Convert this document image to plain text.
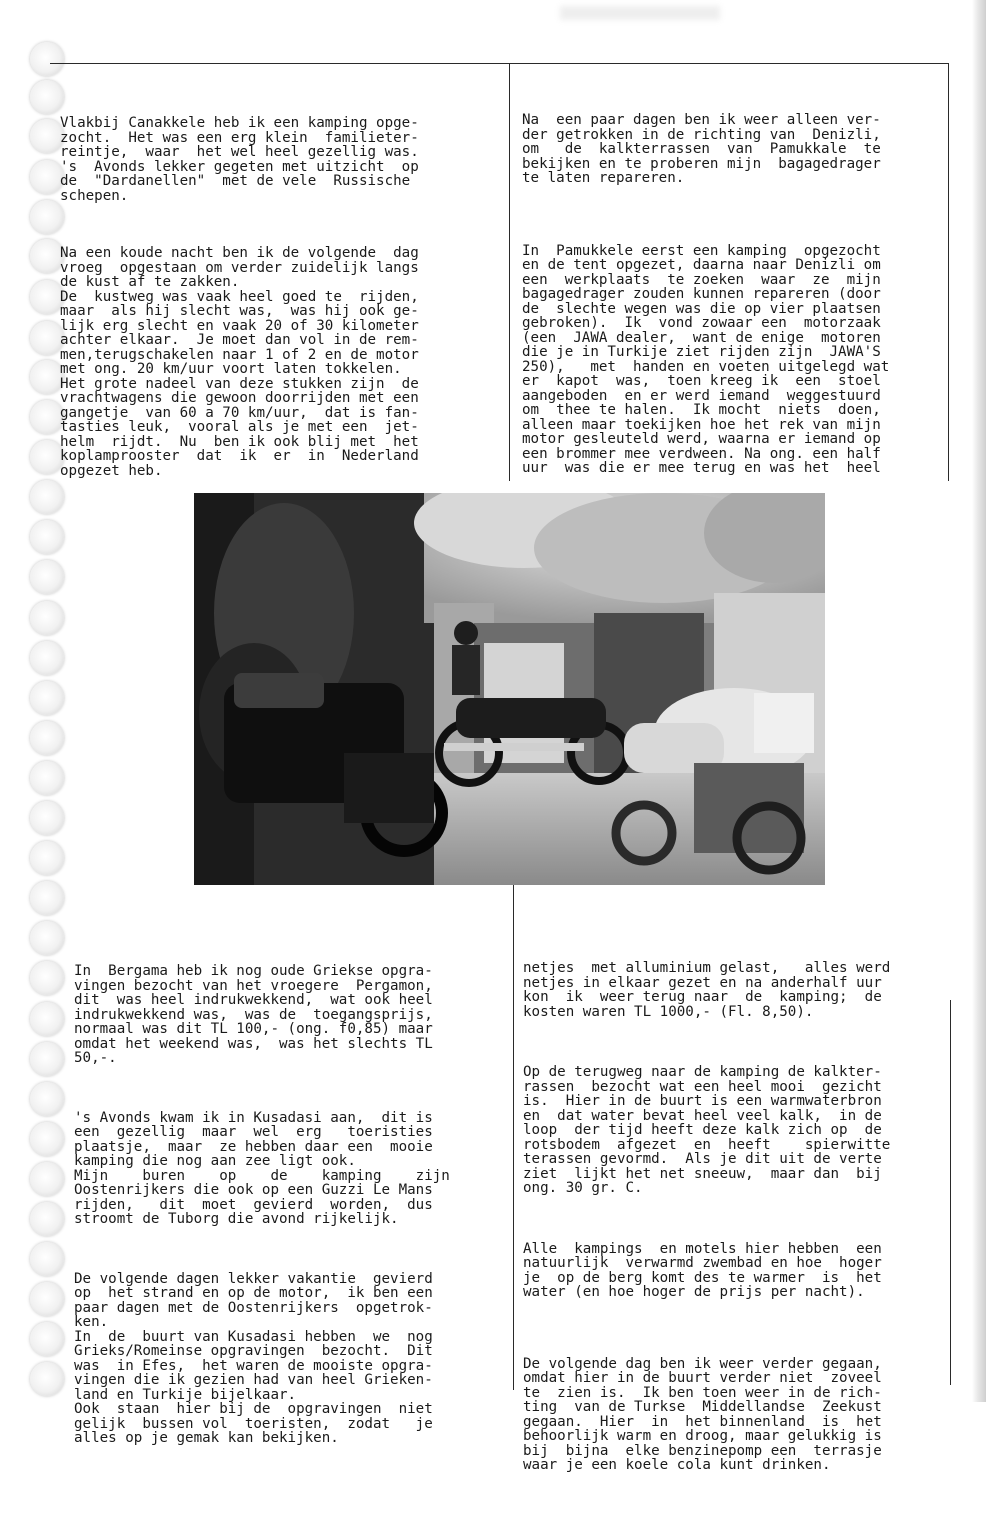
Vlakbij Canakkele heb ik een kamping opge-
zocht.  Het was een erg klein  familieter-
reintje,  waar  het wel heel gezellig was.
's  Avonds lekker gegeten met uitzicht  op
de  "Dardanellen"  met de vele  Russische
schepen.

Na een koude nacht ben ik de volgende  dag
vroeg  opgestaan om verder zuidelijk langs
de kust af te zakken.
De  kustweg was vaak heel goed te  rijden,
maar  als hij slecht was,  was hij ook ge-
lijk erg slecht en vaak 20 of 30 kilometer
achter elkaar.  Je moet dan vol in de rem-
men,terugschakelen naar 1 of 2 en de motor
met ong. 20 km/uur voort laten tokkelen.
Het grote nadeel van deze stukken zijn  de
vrachtwagens die gewoon doorrijden met een
gangetje  van 60 a 70 km/uur,  dat is fan-
tasties leuk,  vooral als je met een  jet-
helm  rijdt.  Nu  ben ik ook blij met  het
koplamprooster  dat  ik  er  in  Nederland
opgezet heb.

Na  een paar dagen ben ik weer alleen ver-
der getrokken in de richting van  Denizli,
om   de  kalkterrassen  van  Pamukkale  te
bekijken en te proberen mijn  bagagedrager
te laten repareren.

In  Pamukkele eerst een kamping  opgezocht
en de tent opgezet, daarna naar Denizli om
een  werkplaats  te zoeken  waar  ze  mijn
bagagedrager zouden kunnen repareren (door
de  slechte wegen was die op vier plaatsen
gebroken).  Ik  vond zowaar een  motorzaak
(een  JAWA dealer,  want de enige  motoren
die je in Turkije ziet rijden zijn  JAWA'S
250),   met  handen en voeten uitgelegd wat
er  kapot  was,  toen kreeg ik  een  stoel
aangeboden  en er werd iemand  weggestuurd
om  thee te halen.  Ik mocht  niets  doen,
alleen maar toekijken hoe het rek van mijn
motor gesleuteld werd, waarna er iemand op
een brommer mee verdween. Na ong. een half
uur  was die er mee terug en was het  heel

In  Bergama heb ik nog oude Griekse opgra-
vingen bezocht van het vroegere  Pergamon,
dit  was heel indrukwekkend,  wat ook heel
indrukwekkend was,  was de  toegangsprijs,
normaal was dit TL 100,- (ong. f0,85) maar
omdat het weekend was,  was het slechts TL
50,-.

's Avonds kwam ik in Kusadasi aan,  dit is
een  gezellig  maar  wel  erg   toeristies
plaatsje,  maar  ze hebben daar een  mooie
kamping die nog aan zee ligt ook.
Mijn    buren    op    de    kamping    zijn
Oostenrijkers die ook op een Guzzi Le Mans
rijden,   dit  moet  gevierd  worden,  dus
stroomt de Tuborg die avond rijkelijk.

De volgende dagen lekker vakantie  gevierd
op  het strand en op de motor,  ik ben een
paar dagen met de Oostenrijkers  opgetrok-
ken.
In  de  buurt van Kusadasi hebben  we  nog
Grieks/Romeinse opgravingen  bezocht.  Dit
was  in Efes,  het waren de mooiste opgra-
vingen die ik gezien had van heel Grieken-
land en Turkije bijelkaar.
Ook  staan  hier bij de  opgravingen  niet
gelijk  bussen vol  toeristen,  zodat   je
alles op je gemak kan bekijken.

netjes  met alluminium gelast,   alles werd
netjes in elkaar gezet en na anderhalf uur
kon  ik  weer terug naar  de  kamping;  de
kosten waren TL 1000,- (Fl. 8,50).

Op de terugweg naar de kamping de kalkter-
rassen  bezocht wat een heel mooi  gezicht
is.  Hier in de buurt is een warmwaterbron
en  dat water bevat heel veel kalk,  in de
loop  der tijd heeft deze kalk zich op  de
rotsbodem  afgezet  en  heeft    spierwitte
terassen gevormd.  Als je dit uit de verte
ziet  lijkt het net sneeuw,  maar dan  bij
ong. 30 gr. C.

Alle  kampings  en motels hier hebben  een
natuurlijk  verwarmd zwembad en hoe  hoger
je  op de berg komt des te warmer  is  het
water (en hoe hoger de prijs per nacht).

De volgende dag ben ik weer verder gegaan,
omdat hier in de buurt verder niet  zoveel
te  zien is.  Ik ben toen weer in de rich-
ting  van de Turkse  Middellandse  Zeekust
gegaan.  Hier  in  het binnenland  is  het
behoorlijk warm en droog, maar gelukkig is
bij  bijna  elke benzinepomp een  terrasje
waar je een koele cola kunt drinken.
